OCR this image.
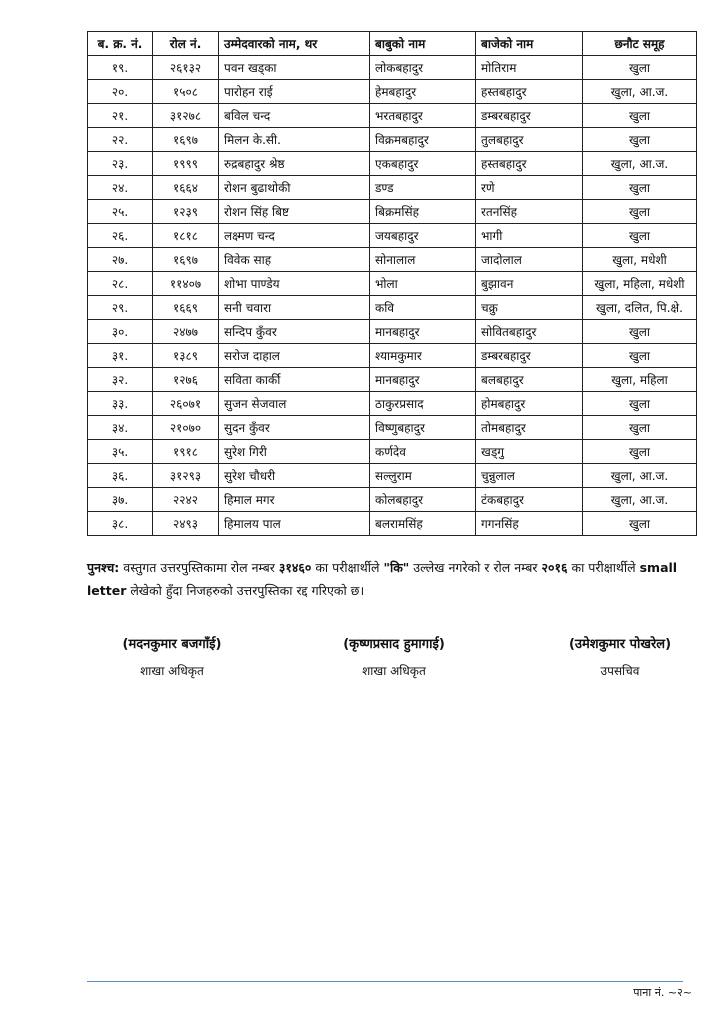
ब. क्र. नं.	रोल नं.	उम्मेदवारको नाम, थर	बाबुको नाम	बाजेको नाम	छनौट समूह
१९.	२६१३२	पवन खड्का	लोकबहादुर	मोतिराम	खुला
२०.	१५०८	पारोहन राई	हेमबहादुर	हस्तबहादुर	खुला, आ.ज.
२१.	३१२७८	बविल चन्द	भरतबहादुर	डम्बरबहादुर	खुला
२२.	१६९७	मिलन के.सी.	विक्रमबहादुर	तुलबहादुर	खुला
२३.	१९९९	रुद्रबहादुर श्रेष्ठ	एकबहादुर	हस्तबहादुर	खुला, आ.ज.
२४.	१६६४	रोशन बुढाथोकी	डण्ड	रणे	खुला
२५.	१२३९	रोशन सिंह बिष्ट	बिक्रमसिंह	रतनसिंह	खुला
२६.	१८१८	लक्ष्मण चन्द	जयबहादुर	भागी	खुला
२७.	१६९७	विवेक साह	सोनालाल	जादोलाल	खुला, मधेशी
२८.	११४०७	शोभा पाण्डेय	भोला	बुझावन	खुला, महिला, मधेशी
२९.	१६६९	सनी चवारा	कवि	चक्रु	खुला, दलित, पि.क्षे.
३०.	२४७७	सन्दिप कुँवर	मानबहादुर	सोवितबहादुर	खुला
३१.	१३८९	सरोज दाहाल	श्यामकुमार	डम्बरबहादुर	खुला
३२.	१२७६	सविता कार्की	मानबहादुर	बलबहादुर	खुला, महिला
३३.	२६०७१	सुजन सेजवाल	ठाकुरप्रसाद	होमबहादुर	खुला
३४.	२१०७०	सुदन कुँवर	विष्णुबहादुर	तोमबहादुर	खुला
३५.	१९१८	सुरेश गिरी	कर्णदेव	खड्गु	खुला
३६.	३१२९३	सुरेश चौधरी	सल्लुराम	चुन्नुलाल	खुला, आ.ज.
३७.	२२४२	हिमाल मगर	कोलबहादुर	टंकबहादुर	खुला, आ.ज.
३८.	२४९३	हिमालय पाल	बलरामसिंह	गगनसिंह	खुला
पुनश्च: वस्तुगत उत्तरपुस्तिकामा रोल नम्बर ३१४६० का परीक्षार्थीले "कि" उल्लेख नगरेको र रोल नम्बर २०१६ का परीक्षार्थीले small letter लेखेको हुँदा निजहरुको उत्तरपुस्तिका रद्द गरिएको छ।
(मदनकुमार बजगाँई)
शाखा अधिकृत
(कृष्णप्रसाद हुमागाई)
शाखा अधिकृत
(उमेशकुमार पोखरेल)
उपसचिव
पाना नं. ~२~
